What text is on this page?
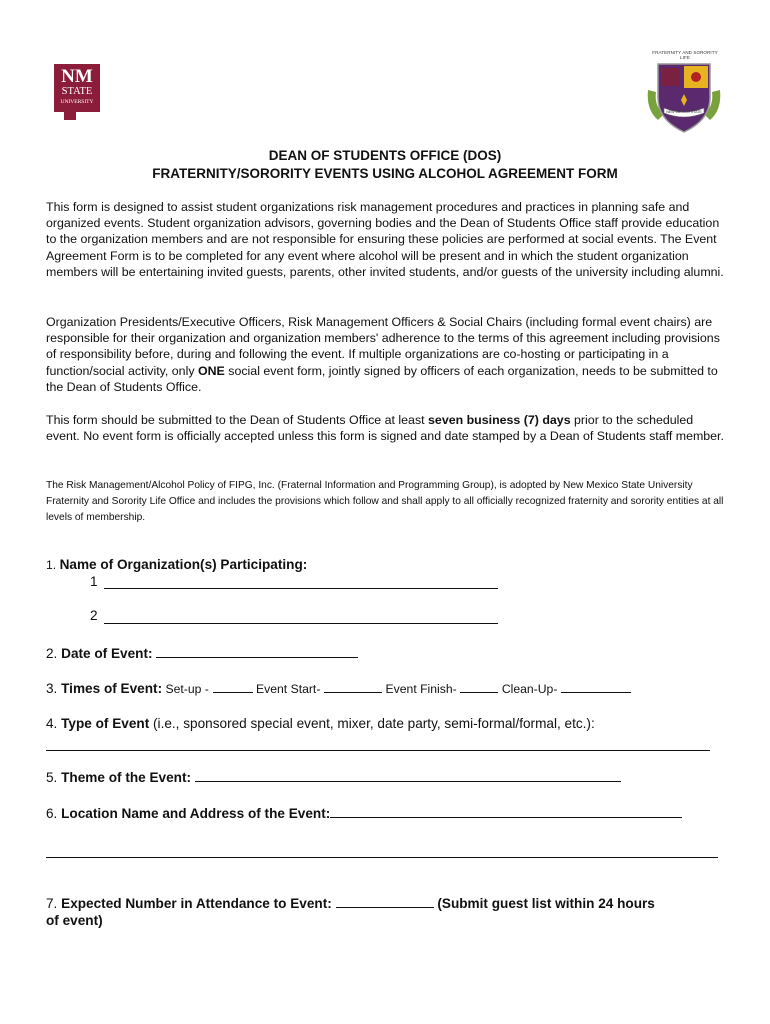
NM
STATE
UNIVERSITY
FRATERNITY AND SORORITY LIFE
NEW MEXICO STATE
DEAN OF STUDENTS OFFICE (DOS)
FRATERNITY/SORORITY EVENTS USING ALCOHOL AGREEMENT FORM

This form is designed to assist student organizations risk management procedures and practices in planning safe and organized events. Student organization advisors, governing bodies and the Dean of Students Office staff provide education to the organization members and are not responsible for ensuring these policies are performed at social events. The Event Agreement Form is to be completed for any event where alcohol will be present and in which the student organization members will be entertaining invited guests, parents, other invited students, and/or guests of the university including alumni.

Organization Presidents/Executive Officers, Risk Management Officers & Social Chairs (including formal event chairs) are responsible for their organization and organization members' adherence to the terms of this agreement including provisions of responsibility before, during and following the event. If multiple organizations are co-hosting or participating in a function/social activity, only ONE social event form, jointly signed by officers of each organization, needs to be submitted to the Dean of Students Office.

This form should be submitted to the Dean of Students Office at least seven business (7) days prior to the scheduled event. No event form is officially accepted unless this form is signed and date stamped by a Dean of Students staff member.

The Risk Management/Alcohol Policy of FIPG, Inc. (Fraternal Information and Programming Group), is adopted by New Mexico State University Fraternity and Sorority Life Office and includes the provisions which follow and shall apply to all officially recognized fraternity and sorority entities at all levels of membership.

1. Name of Organization(s) Participating:
1
2
2. Date of Event:
3. Times of Event: Set-up -	Event Start-	Event Finish-	Clean-Up-
4. Type of Event (i.e., sponsored special event, mixer, date party, semi-formal/formal, etc.):
5. Theme of the Event:
6. Location Name and Address of the Event:
7. Expected Number in Attendance to Event:	(Submit guest list within 24 hours
of event)
